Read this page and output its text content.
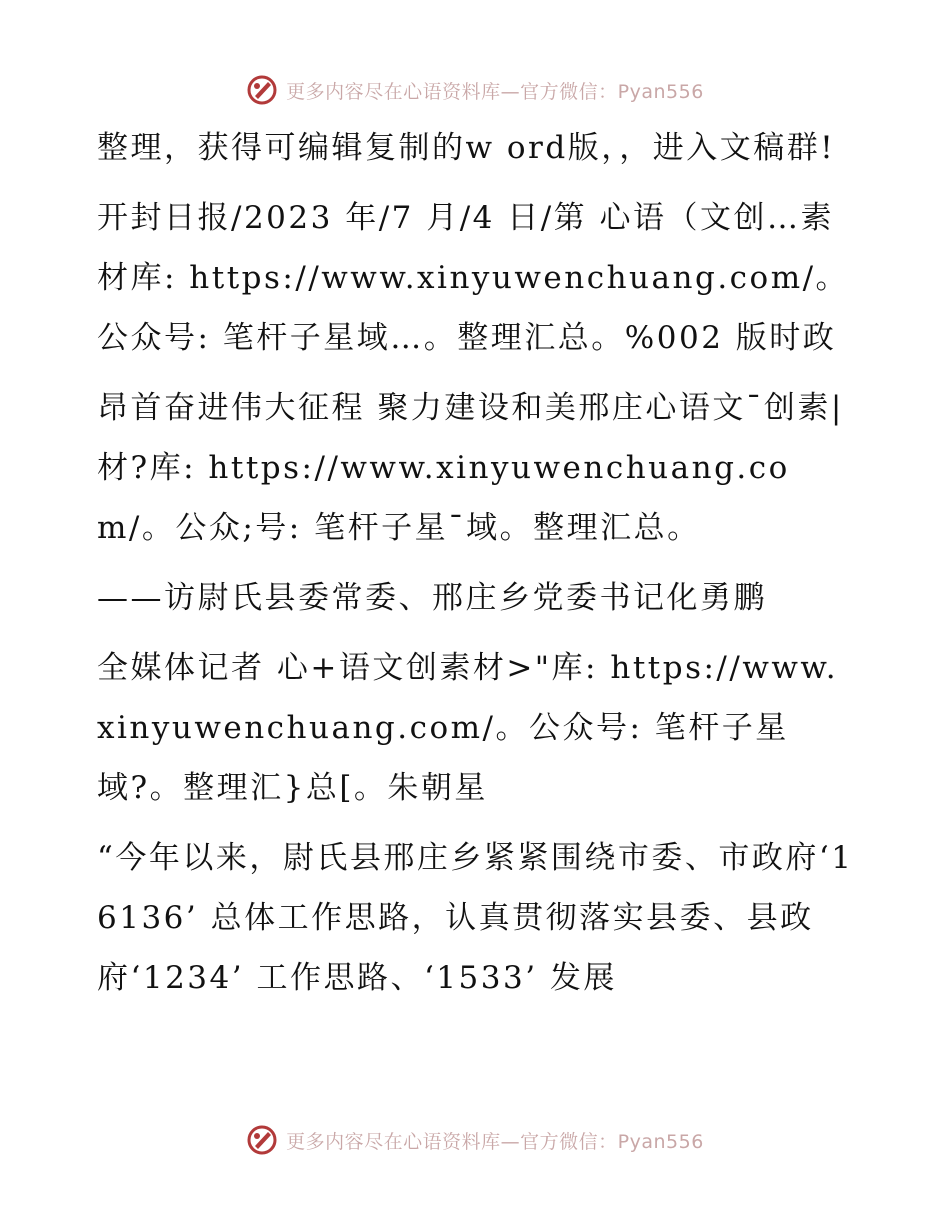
更多内容尽在心语资料库—官方微信：Pyan556

整理，获得可编辑复制的w ord版，，进入文稿群!

开封日报/2023 年/7 月/4 日/第 心语（文创…素材库: https://www.xinyuwenchuang.com/。公众号: 笔杆子星域…。整理汇总。%002 版时政

昂首奋进伟大征程 聚力建设和美邢庄心语文¯创素|材?库: https://www.xinyuwenchuang.com/。公众;号: 笔杆子星¯域。整理汇总。

——访尉氏县委常委、邢庄乡党委书记化勇鹏

全媒体记者 心+语文创素材>"库: https://www.xinyuwenchuang.com/。公众号: 笔杆子星域?。整理汇}总[。朱朝星

“今年以来，尉氏县邢庄乡紧紧围绕市委、市政府‘16136’ 总体工作思路，认真贯彻落实县委、县政府‘1234’ 工作思路、‘1533’ 发展

更多内容尽在心语资料库—官方微信：Pyan556
